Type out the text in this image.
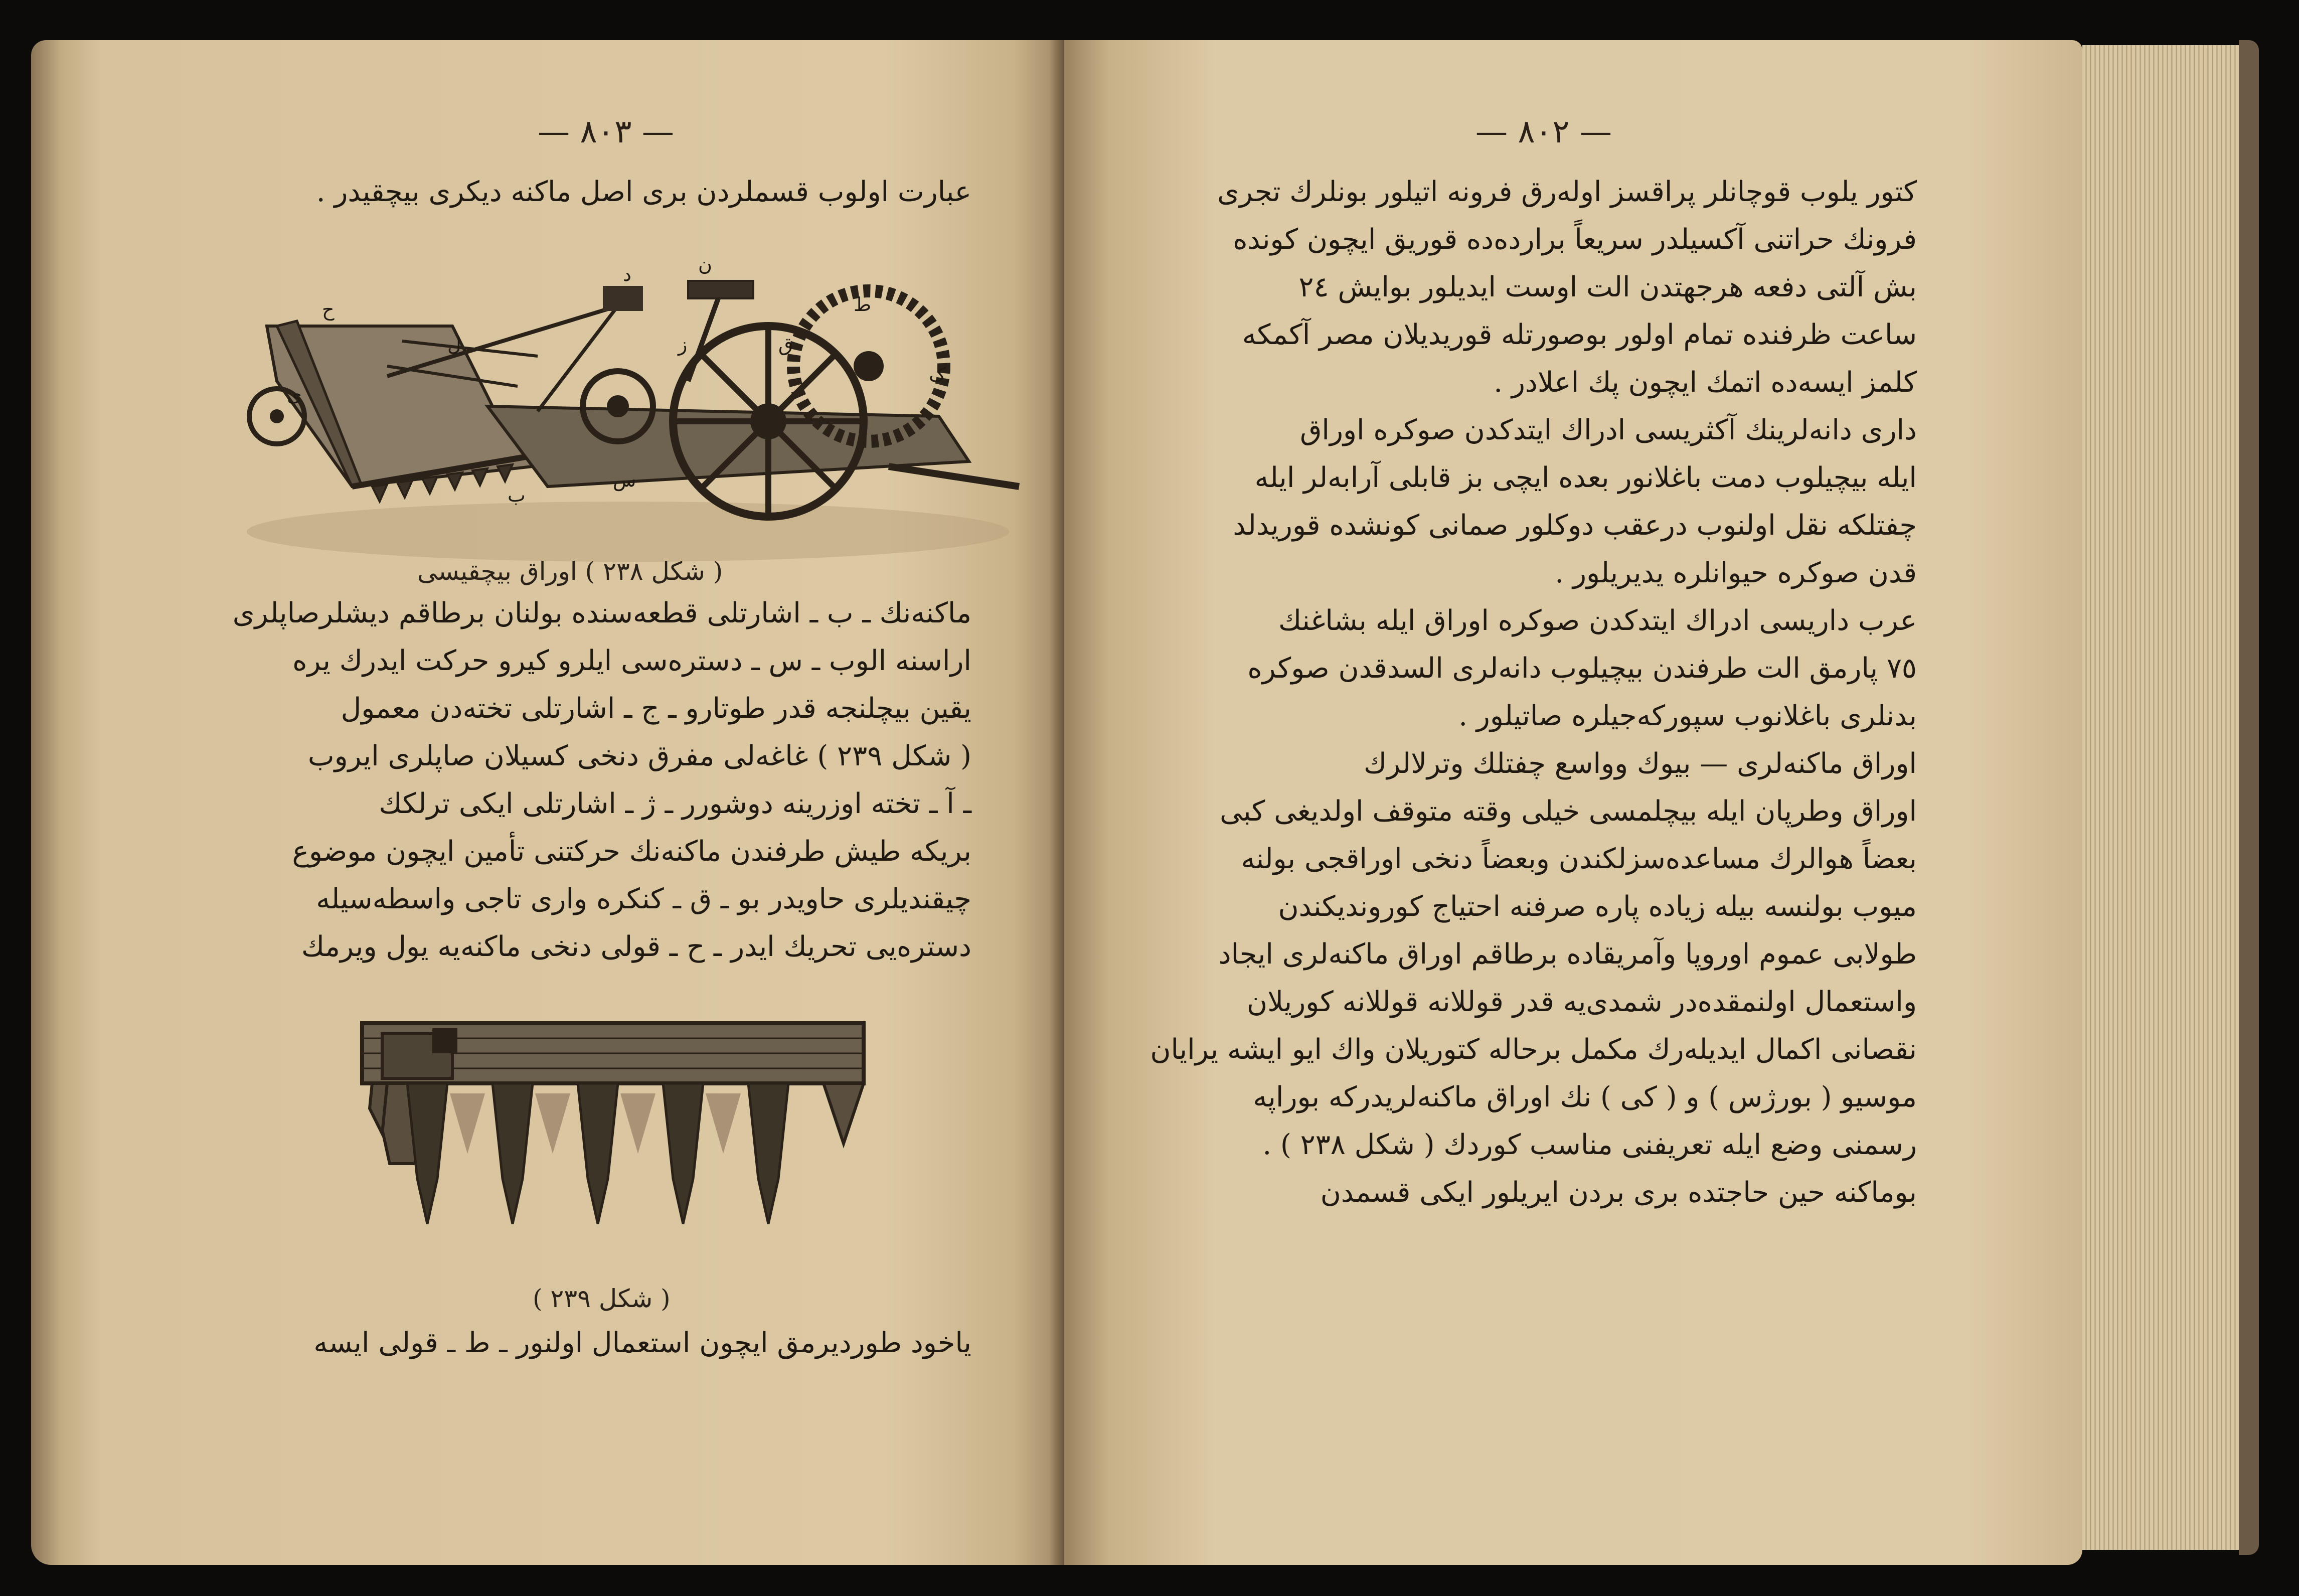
— ٨٠٣ —
عبارت اولوب قسملردن بری اصل ماکنه دیکری بیچقیدر .
ح
ل
د	ن
ز	ق
ط
ک
ب
ی
س
( شکل ٢٣٨ ) اوراق بیچقیسی
ماکنه‌نك ـ ب ـ اشارتلی قطعه‌سنده بولنان برطاقم دیشلرصاپلری
اراسنه الوب ـ س ـ دستره‌سی ایلرو کیرو حرکت ایدرك یره
یقین بیچلنجه قدر طوتارو ـ ج ـ اشارتلی تخته‌دن معمول
( شکل ٢٣٩ ) غاغه‌لی مفرق دنخی کسیلان صاپلری ایروب
ـ آ ـ تخته اوزرینه دوشورر ـ ژ ـ اشارتلی ایکی ترلکك
بریکه طیش طرفندن ماکنه‌نك حرکتنی تأمین ایچون موضوع
چیقندیلری حاویدر بو ـ ق ـ کنکره واری تاجی واسطه‌سیله
دستره‌یی تحریك ایدر ـ ح ـ قولی دنخی ماکنه‌یه یول ویرمك
( شکل ٢٣٩ )
یاخود طوردیرمق ایچون استعمال اولنور ـ ط ـ قولی ایسه
— ٨٠٢ —
کتور یلوب قوچانلر پراقسز اوله‌رق فرونه اتیلور بونلرك تجری
فرونك حراتنی آکسیلدر سریعاً برارده‌ده قوریق ایچون کونده
بش آلتی دفعه هرجهتدن الت اوست ایدیلور بوایش ٢٤
ساعت ظرفنده تمام اولور بوصورتله قوریدیلان مصر آکمکه
کلمز ایسه‌ده اتمك ایچون پك اعلادر .
داری دانه‌لرینك آکثریسی ادراك ایتدکدن صوکره اوراق
ایله بیچیلوب دمت باغلانور بعده ایچی بز قابلی آرابه‌لر ایله
چفتلکه نقل اولنوب درعقب دوکلور صمانی کونشده قوریدلد
قدن صوکره حیوانلره یدیریلور .
عرب داریسی ادراك ایتدکدن صوکره اوراق ایله بشاغنك
٧٥ پارمق الت طرفندن بیچیلوب دانه‌لری السدقدن صوکره
بدنلری باغلانوب سپورکه‌جیلره صاتیلور .
اوراق ماکنه‌لری — بیوك ووا‌سع چفتلك وترلالرك
اوراق وطرپان ایله بیچلمسی خیلی وقته متوقف اولدیغی کبی
بعضاً هوالرك مساعده‌سزلکندن وبعضاً دنخی اوراقجی بولنه
میوب بولنسه بیله زیاده پاره صرفنه احتیاج کوروندیکندن
طولابی عموم اوروپا وآمریقاده برطاقم اوراق ماکنه‌لری ایجاد
واستعمال اولنمقده‌در شمدی‌یه قدر قوللانه قوللانه کوریلان
نقصانی اکمال ایدیله‌رك مکمل برحاله کتوریلان واك ایو ایشه یرایان
موسیو ( بورژس ) و ( کی ) نك اوراق ماکنه‌لریدرکه بوراپه
رسمنی وضع ایله تعریفنی مناسب کوردك ( شکل ٢٣٨ ) .
بوماکنه حین حاجتده بری بردن ایریلور ایکی قسمدن
